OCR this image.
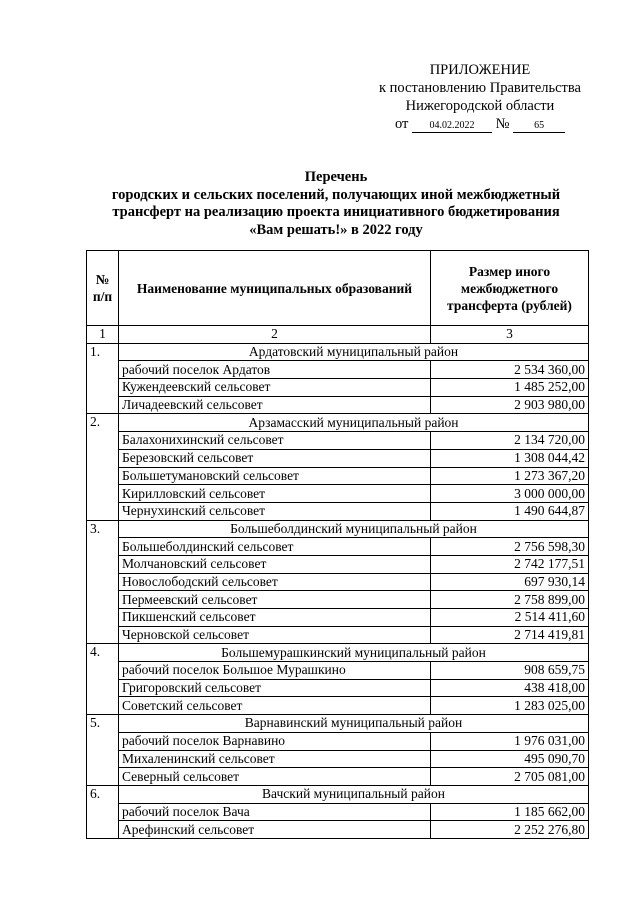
ПРИЛОЖЕНИЕ
к постановлению Правительства
Нижегородской области
от 04.02.2022 № 65
Перечень
городских и сельских поселений, получающих иной межбюджетный
трансферт на реализацию проекта инициативного бюджетирования
«Вам решать!» в 2022 году
№ п/п	Наименование муниципальных образований	Размер иного межбюджетного трансферта (рублей)
1	2	3
1.	Ардатовский муниципальный район	
	рабочий поселок Ардатов	2 534 360,00
	Кужендеевский сельсовет	1 485 252,00
	Личадеевский сельсовет	2 903 980,00
2.	Арзамасский муниципальный район	
	Балахонихинский сельсовет	2 134 720,00
	Березовский сельсовет	1 308 044,42
	Большетумановский сельсовет	1 273 367,20
	Кирилловский сельсовет	3 000 000,00
	Чернухинский сельсовет	1 490 644,87
3.	Большеболдинский муниципальный район	
	Большеболдинский сельсовет	2 756 598,30
	Молчановский сельсовет	2 742 177,51
	Новослободский сельсовет	697 930,14
	Пермеевский сельсовет	2 758 899,00
	Пикшенский сельсовет	2 514 411,60
	Черновской сельсовет	2 714 419,81
4.	Большемурашкинский муниципальный район	
	рабочий поселок Большое Мурашкино	908 659,75
	Григоровский сельсовет	438 418,00
	Советский сельсовет	1 283 025,00
5.	Варнавинский муниципальный район	
	рабочий поселок Варнавино	1 976 031,00
	Михаленинский сельсовет	495 090,70
	Северный сельсовет	2 705 081,00
6.	Вачский муниципальный район	
	рабочий поселок Вача	1 185 662,00
	Арефинский сельсовет	2 252 276,80
